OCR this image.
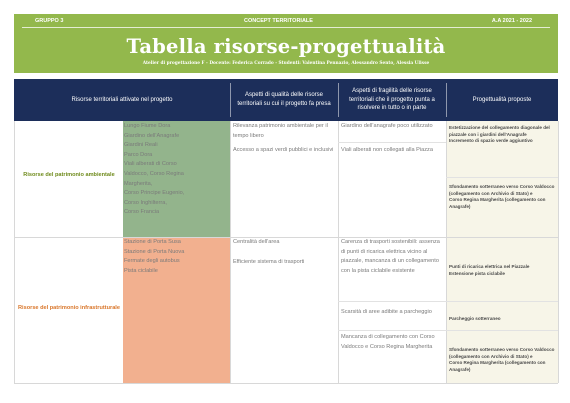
GRUPPO 3	CONCEPT TERRITORIALE	A.A 2021 - 2022
Tabella risorse-progettualità
Atelier di progettazione F - Docente: Federica Corrado - Studenti: Valentina Pennazio, Alessandro Sento, Alessia Ulisse
Risorse territoriali attivate nel progetto
Aspetti di qualità delle risorse territoriali su cui il progetto fa presa
Aspetti di fragilità delle risorse territoriali che il progetto punta a risolvere in tutto o in parte
Progettualità proposte
Risorse del patrimonio ambientale
Lungo Fiume Dora
Giardino dell'Anagrafe
Giardini Reali
Parco Dora
Viali alberati di Corso
Valdocco, Corso Regina
Margherita,
Corso Principe Eugenio,
Corso Inghilterra,
Corso Francia
Rilevanza patrimonio ambientale per il tempo libero
Accesso a spazi verdi pubblici e inclusivi
Giardino dell'anagrafe poco utilizzato
Viali alberati non collegati alla Piazza
Estetizzazione del collegamento diagonale del piazzale con i giardini dell'Anagrafe
Incremento di spazio verde aggiuntivo
Sfondamento sotterraneo verso Corso Valdocco (collegamento con Archivio di Stato) e
Corso Regina Margherita (collegamento con Anagrafe)
Risorse del patrimonio infrastrutturale
Stazione di Porta Susa
Stazione di Porta Nuova
Fermate degli autobus
Pista ciclabile
Centralità dell'area
Efficiente sistema di trasporti
Carenza di trasporti sostenibili: assenza di punti di ricarica elettrica vicino al piazzale, mancanza di un collegamento con la pista ciclabile esistente
Scarsità di aree adibite a parcheggio
Mancanza di collegamento con Corso Valdocco e Corso Regina Margherita
Punti di ricarica elettrica nel Piazzale
Estensione pista ciclabile
Parcheggio sotterraneo
Sfondamento sotterraneo verso Corso Valdocco (collegamento con Archivio di Stato) e
Corso Regina Margherita (collegamento con Anagrafe)
